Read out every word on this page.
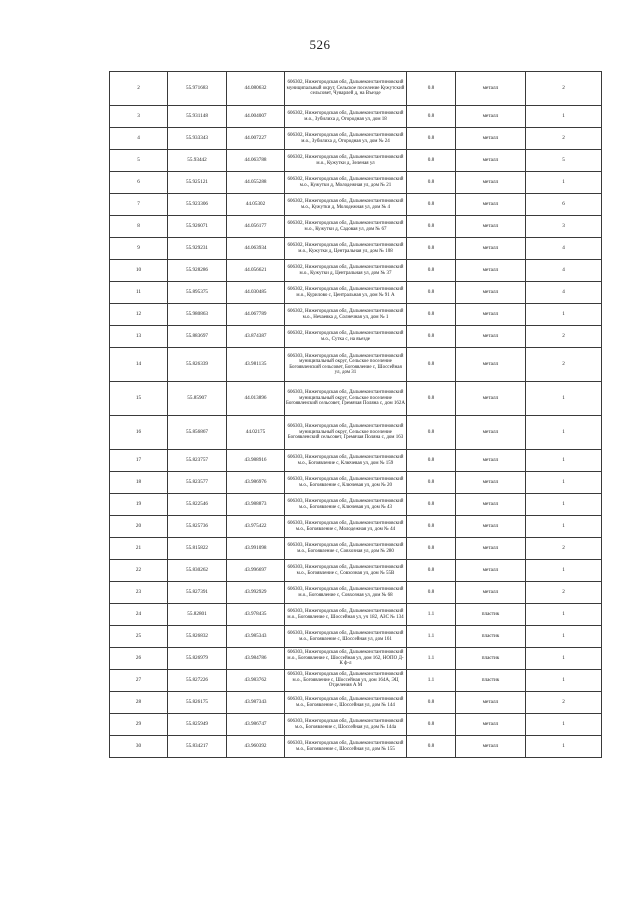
526
2	55.971683	44.080632	606302, Нижегородская обл, Дальнеконстантиновский муниципальный округ, Сельское поселение Кужутский сельсовет, Чуварлей д, на Въезде	0.8	металл	2
3	55.931148	44.004007	606302, Нижегородская обл, Дальнеконстантиновский м.о., Зубилиха д, Огородная ул, дом 18	0.8	металл	1
4	55.933343	44.007227	606302, Нижегородская обл, Дальнеконстантиновский м.о., Зубилиха д, Огородная ул, дом № 24	0.8	металл	2
5	55.93442	44.063788	606302, Нижегородская обл, Дальнеконстантиновский м.о., Кужутки д, Зеленая ул	0.8	металл	5
6	55.925121	44.055288	606302, Нижегородская обл, Дальнеконстантиновский м.о., Кужутки д, Молодежная ул, дом № 21	0.8	металл	1
7	55.923306	44.05302	606302, Нижегородская обл, Дальнеконстантиновский м.о., Кужутки д, Молодежная ул, дом № 4	0.8	металл	6
8	55.926071	44.056177	606302, Нижегородская обл, Дальнеконстантиновский м.о., Кужутки д, Садовая ул, дом № 67	0.8	металл	3
9	55.929231	44.063934	606302, Нижегородская обл, Дальнеконстантиновский м.о., Кужутки д, Центральная ул, дом № 108	0.8	металл	4
10	55.928286	44.056621	606302, Нижегородская обл, Дальнеконстантиновский м.о., Кужутки д, Центральная ул, дом № 37	0.8	металл	4
11	55.895375	44.030485	606302, Нижегородская обл, Дальнеконстантиновский м.о., Курилово с, Центральная ул, дом № 91 А	0.8	металл	4
12	55.980863	44.067789	606302, Нижегородская обл, Дальнеконстантиновский м.о., Нечаевка д, Солнечная ул, дом № 1	0.8	металл	1
13	55.883697	43.874387	606302, Нижегородская обл, Дальнеконстантиновский м.о., Сутка с, на въезде	0.8	металл	2
14	55.826339	43.981135	606303, Нижегородская обл, Дальнеконстантиновский муниципальный округ, Сельское поселение Богоявленский сельсовет, Богоявление с, Шоссейная ул, дом 31	0.8	металл	2
15	55.85907	44.013896	606303, Нижегородская обл, Дальнеконстантиновский муниципальный округ, Сельское поселение Богоявленский сельсовет, Гремячая Поляна с, дом 162А	0.8	металл	1
16	55.856867	44.02175	606303, Нижегородская обл, Дальнеконстантиновский муниципальный округ, Сельское поселение Богоявленский сельсовет, Гремячая Поляна с, дом 163	0.8	металл	1
17	55.823757	43.988916	606303, Нижегородская обл, Дальнеконстантиновский м.о., Богоявление с, Ключевая ул, дом № 159	0.8	металл	1
18	55.823577	43.986976	606303, Нижегородская обл, Дальнеконстантиновский м.о., Богоявление с, Ключевая ул, дом № 20	0.8	металл	1
19	55.822546	43.988873	606303, Нижегородская обл, Дальнеконстантиновский м.о., Богоявление с, Ключевая ул, дом № 43	0.8	металл	1
20	55.825736	43.975422	606303, Нижегородская обл, Дальнеконстантиновский м.о., Богоявление с, Молодежная ул, дом № 44	0.8	металл	1
21	55.815822	43.991098	606303, Нижегородская обл, Дальнеконстантиновский м.о., Богоявление с, Совхозная ул, дом № 280	0.8	металл	2
22	55.830262	43.996697	606303, Нижегородская обл, Дальнеконстантиновский м.о., Богоявление с, Совхозная ул, дом № 55В	0.8	металл	1
23	55.827391	43.992929	606303, Нижегородская обл, Дальнеконстантиновский м.о., Богоявление с, Совхозная ул, дом № 68	0.8	металл	2
24	55.82801	43.978435	606303, Нижегородская обл, Дальнеконстантиновский м.о., Богоявление с, Шоссейная ул, уч 182, АЗС № 134	1.1	пластик	1
25	55.826832	43.985343	606303, Нижегородская обл, Дальнеконстантиновский м.о., Богоявление с, Шоссейная ул, дом 161	1.1	пластик	1
26	55.826979	43.984786	606303, Нижегородская обл, Дальнеконстантиновский м.о., Богоявление с, Шоссейная ул, дом 162, НОПО Д-К ф-л	1.1	пластик	1
27	55.827226	43.983762	606303, Нижегородская обл, Дальнеконстантиновский м.о., Богоявление с, Шоссейная ул, дом 164А, ЭЦ Отделения А М	1.1	пластик	1
28	55.826175	43.987343	606303, Нижегородская обл, Дальнеконстантиновский м.о., Богоявление с, Шоссейная ул, дом № 144	0.8	металл	2
29	55.825949	43.986747	606303, Нижегородская обл, Дальнеконстантиновский м.о., Богоявление с, Шоссейная ул, дом № 144а	0.8	металл	1
30	55.834217	43.960392	606303, Нижегородская обл, Дальнеконстантиновский м.о., Богоявление с, Шоссейная ул, дом № 155	0.8	металл	1
